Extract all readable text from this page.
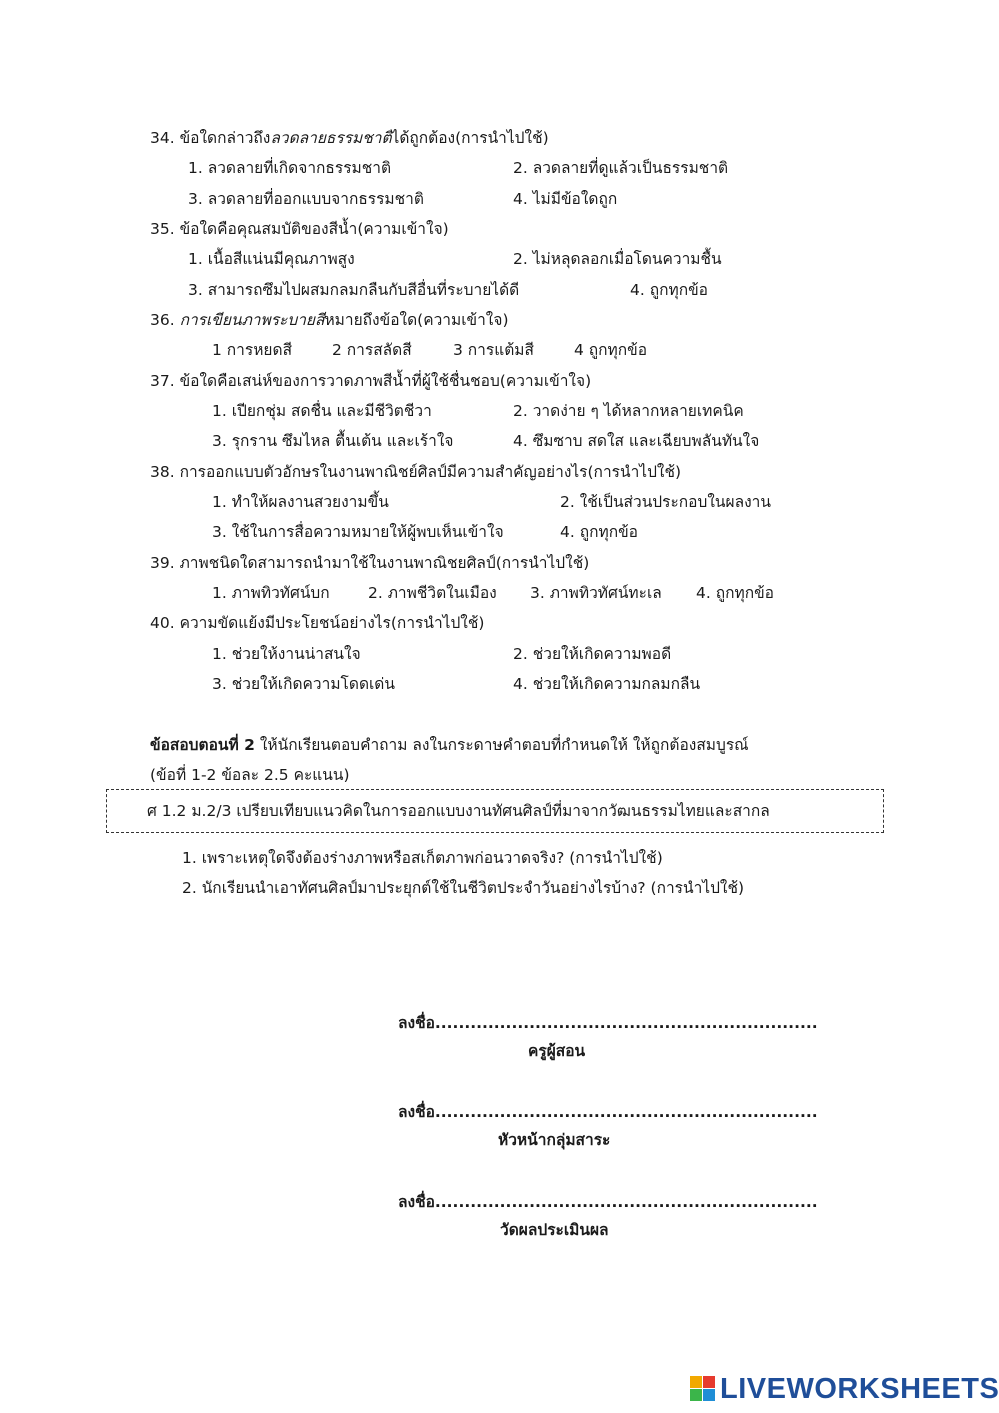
34. ข้อใดกล่าวถึงลวดลายธรรมชาติได้ถูกต้อง(การนำไปใช้)
1. ลวดลายที่เกิดจากธรรมชาติ	2. ลวดลายที่ดูแล้วเป็นธรรมชาติ
3. ลวดลายที่ออกแบบจากธรรมชาติ	4. ไม่มีข้อใดถูก
35. ข้อใดคือคุณสมบัติของสีน้ำ(ความเข้าใจ)
1. เนื้อสีแน่นมีคุณภาพสูง	2. ไม่หลุดลอกเมื่อโดนความชื้น
3. สามารถซึมไปผสมกลมกลืนกับสีอื่นที่ระบายได้ดี	4. ถูกทุกข้อ
36. การเขียนภาพระบายสีหมายถึงข้อใด(ความเข้าใจ)
1 การหยดสี	2 การสลัดสี	3 การแต้มสี	4 ถูกทุกข้อ
37. ข้อใดคือเสน่ห์ของการวาดภาพสีน้ำที่ผู้ใช้ชื่นชอบ(ความเข้าใจ)
1. เปียกชุ่ม สดชื่น และมีชีวิตชีวา	2. วาดง่าย ๆ ได้หลากหลายเทคนิค
3. รุกราน ซึมไหล ตื้นเต้น และเร้าใจ	4. ซึมซาบ สดใส และเฉียบพลันทันใจ
38. การออกแบบตัวอักษรในงานพาณิชย์ศิลป์มีความสำคัญอย่างไร(การนำไปใช้)
1. ทำให้ผลงานสวยงามขึ้น	2. ใช้เป็นส่วนประกอบในผลงาน
3. ใช้ในการสื่อความหมายให้ผู้พบเห็นเข้าใจ	4. ถูกทุกข้อ
39. ภาพชนิดใดสามารถนำมาใช้ในงานพาณิชยศิลป์(การนำไปใช้)
1. ภาพทิวทัศน์บก 2. ภาพชีวิตในเมือง 3. ภาพทิวทัศน์ทะเล 4. ถูกทุกข้อ
40. ความขัดแย้งมีประโยชน์อย่างไร(การนำไปใช้)
1. ช่วยให้งานน่าสนใจ	2. ช่วยให้เกิดความพอดี
3. ช่วยให้เกิดความโดดเด่น	4. ช่วยให้เกิดความกลมกลืน
ข้อสอบตอนที่ 2 ให้นักเรียนตอบคำถาม ลงในกระดาษคำตอบที่กำหนดให้ ให้ถูกต้องสมบูรณ์
(ข้อที่ 1-2 ข้อละ 2.5 คะแนน)
ศ 1.2 ม.2/3 เปรียบเทียบแนวคิดในการออกแบบงานทัศนศิลป์ที่มาจากวัฒนธรรมไทยและสากล
1. เพราะเหตุใดจึงต้องร่างภาพหรือสเก็ตภาพก่อนวาดจริง? (การนำไปใช้)
2. นักเรียนนำเอาทัศนศิลป์มาประยุกต์ใช้ในชีวิตประจำวันอย่างไรบ้าง? (การนำไปใช้)
ลงชื่อ.................................................................
ครูผู้สอน
ลงชื่อ.................................................................
หัวหน้ากลุ่มสาระ
ลงชื่อ.................................................................
วัดผลประเมินผล
LIVEWORKSHEETS
